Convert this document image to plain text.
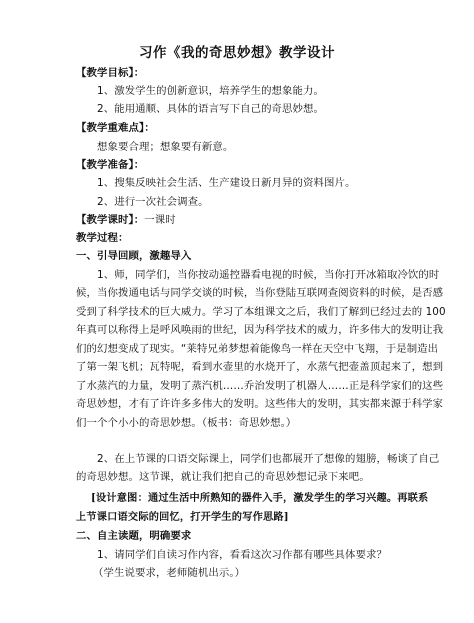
习作《我的奇思妙想》教学设计
【教学目标】：
1、激发学生的创新意识，培养学生的想象能力。
2、能用通顺、具体的语言写下自己的奇思妙想。
【教学重难点】：
想象要合理；想象要有新意。
【教学准备】：
1、搜集反映社会生活、生产建设日新月异的资料图片。
2、进行一次社会调查。
【教学课时】：一课时
教学过程：
一、引导回顾，激趣导入
1、师，同学们，当你按动遥控器看电视的时候，当你打开冰箱取冷饮的时
候，当你拨通电话与同学交谈的时候，当你登陆互联网查阅资料的时候，是否感
受到了科学技术的巨大威力。学习了本组课文之后，我们了解到已经过去的 100
年真可以称得上是呼风唤雨的世纪，因为科学技术的威力，许多伟大的发明让我
们的幻想变成了现实。“莱特兄弟梦想着能像鸟一样在天空中飞翔，于是制造出
了第一架飞机；瓦特呢，看到水壶里的水烧开了，水蒸气把壶盖顶起来了，想到
了水蒸汽的力量，发明了蒸汽机……乔治发明了机器人……正是科学家们的这些
奇思妙想，才有了许许多多伟大的发明。这些伟大的发明，其实都来源于科学家
们一个个小小的奇思妙想。（板书：奇思妙想。）
2、在上节课的口语交际课上，同学们也都展开了想像的翅膀，畅谈了自己
的奇思妙想。这节课，就让我们把自己的奇思妙想记录下来吧。
[设计意图：通过生活中所熟知的器件入手，激发学生的学习兴趣。再联系
上节课口语交际的回忆，打开学生的写作思路]
二、自主读题，明确要求
1、请同学们自读习作内容，看看这次习作都有哪些具体要求？
（学生说要求，老师随机出示。）
